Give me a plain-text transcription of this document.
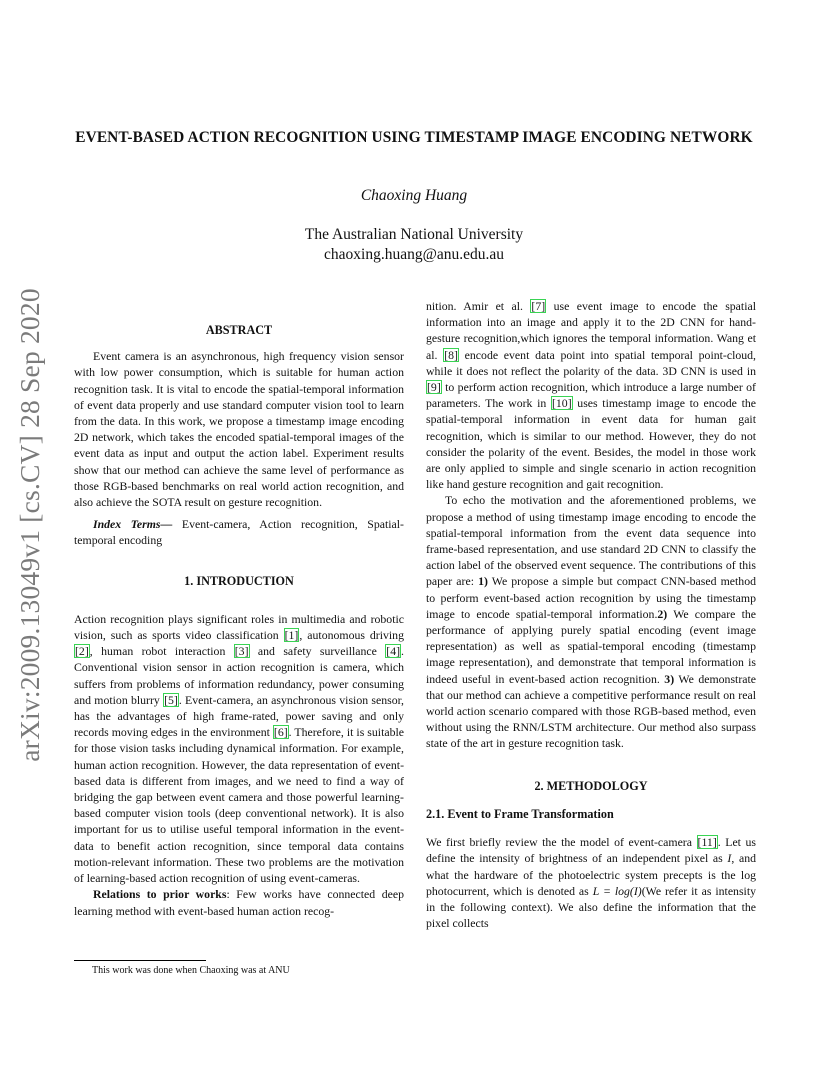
arXiv:2009.13049v1 [cs.CV] 28 Sep 2020
EVENT-BASED ACTION RECOGNITION USING TIMESTAMP IMAGE ENCODING NETWORK
Chaoxing Huang
The Australian National University
chaoxing.huang@anu.edu.au

ABSTRACT

Event camera is an asynchronous, high frequency vision sensor with low power consumption, which is suitable for human action recognition task. It is vital to encode the spatial-temporal information of event data properly and use standard computer vision tool to learn from the data. In this work, we propose a timestamp image encoding 2D network, which takes the encoded spatial-temporal images of the event data as input and output the action label. Experiment results show that our method can achieve the same level of performance as those RGB-based benchmarks on real world action recognition, and also achieve the SOTA result on gesture recognition.

Index Terms— Event-camera, Action recognition, Spatial-temporal encoding

1. INTRODUCTION

Action recognition plays significant roles in multimedia and robotic vision, such as sports video classification [1], autonomous driving [2], human robot interaction [3] and safety surveillance [4]. Conventional vision sensor in action recognition is camera, which suffers from problems of information redundancy, power consuming and motion blurry [5]. Event-camera, an asynchronous vision sensor, has the advantages of high frame-rated, power saving and only records moving edges in the environment [6]. Therefore, it is suitable for those vision tasks including dynamical information. For example, human action recognition. However, the data representation of event-based data is different from images, and we need to find a way of bridging the gap between event camera and those powerful learning-based computer vision tools (deep conventional network). It is also important for us to utilise useful temporal information in the event-data to benefit action recognition, since temporal data contains motion-relevant information. These two problems are the motivation of learning-based action recognition of using event-cameras.

Relations to prior works: Few works have connected deep learning method with event-based human action recog-

nition. Amir et al. [7] use event image to encode the spatial information into an image and apply it to the 2D CNN for hand-gesture recognition,which ignores the temporal information. Wang et al. [8] encode event data point into spatial temporal point-cloud, while it does not reflect the polarity of the data. 3D CNN is used in [9] to perform action recognition, which introduce a large number of parameters. The work in [10] uses timestamp image to encode the spatial-temporal information in event data for human gait recognition, which is similar to our method. However, they do not consider the polarity of the event. Besides, the model in those work are only applied to simple and single scenario in action recognition like hand gesture recognition and gait recognition.

To echo the motivation and the aforementioned problems, we propose a method of using timestamp image encoding to encode the spatial-temporal information from the event data sequence into frame-based representation, and use standard 2D CNN to classify the action label of the observed event sequence. The contributions of this paper are: 1) We propose a simple but compact CNN-based method to perform event-based action recognition by using the timestamp image to encode spatial-temporal information.2) We compare the performance of applying purely spatial encoding (event image representation) as well as spatial-temporal encoding (timestamp image representation), and demonstrate that temporal information is indeed useful in event-based action recognition. 3) We demonstrate that our method can achieve a competitive performance result on real world action scenario compared with those RGB-based method, even without using the RNN/LSTM architecture. Our method also surpass state of the art in gesture recognition task.

2. METHODOLOGY

2.1. Event to Frame Transformation

We first briefly review the the model of event-camera [11]. Let us define the intensity of brightness of an independent pixel as I, and what the hardware of the photoelectric system precepts is the log photocurrent, which is denoted as L = log(I)(We refer it as intensity in the following context). We also define the information that the pixel collects

This work was done when Chaoxing was at ANU
